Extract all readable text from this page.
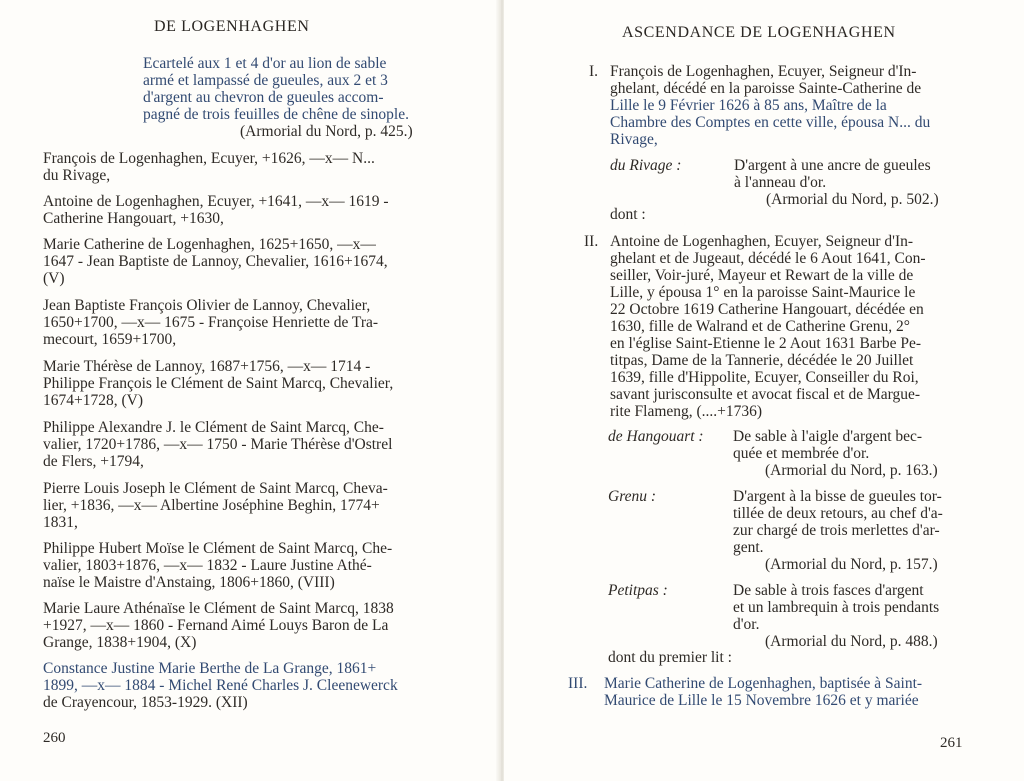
DE LOGENHAGHEN
Ecartelé aux 1 et 4 d'or au lion de sable
armé et lampassé de gueules, aux 2 et 3
d'argent au chevron de gueules accom-
pagné de trois feuilles de chêne de sinople.
(Armorial du Nord, p. 425.)
François de Logenhaghen, Ecuyer, +1626, —x— N...
du Rivage,
Antoine de Logenhaghen, Ecuyer, +1641, —x— 1619 -
Catherine Hangouart, +1630,
Marie Catherine de Logenhaghen, 1625+1650, —x—
1647 - Jean Baptiste de Lannoy, Chevalier, 1616+1674,
(V)
Jean Baptiste François Olivier de Lannoy, Chevalier,
1650+1700, —x— 1675 - Françoise Henriette de Tra-
mecourt, 1659+1700,
Marie Thérèse de Lannoy, 1687+1756, —x— 1714 -
Philippe François le Clément de Saint Marcq, Chevalier,
1674+1728, (V)
Philippe Alexandre J. le Clément de Saint Marcq, Che-
valier, 1720+1786, —x— 1750 - Marie Thérèse d'Ostrel
de Flers, +1794,
Pierre Louis Joseph le Clément de Saint Marcq, Cheva-
lier, +1836, —x— Albertine Joséphine Beghin, 1774+
1831,
Philippe Hubert Moïse le Clément de Saint Marcq, Che-
valier, 1803+1876, —x— 1832 - Laure Justine Athé-
naïse le Maistre d'Anstaing, 1806+1860, (VIII)
Marie Laure Athénaïse le Clément de Saint Marcq, 1838
+1927, —x— 1860 - Fernand Aimé Louys Baron de La
Grange, 1838+1904, (X)
Constance Justine Marie Berthe de La Grange, 1861+
1899, —x— 1884 - Michel René Charles J. Cleenewerck
de Crayencour, 1853-1929. (XII)
260
ASCENDANCE DE LOGENHAGHEN
I. François de Logenhaghen, Ecuyer, Seigneur d'In-
ghelant, décédé en la paroisse Sainte-Catherine de
Lille le 9 Février 1626 à 85 ans, Maître de la
Chambre des Comptes en cette ville, épousa N... du
Rivage,
du Rivage :	D'argent à une ancre de gueules
à l'anneau d'or.
(Armorial du Nord, p. 502.)
dont :
II. Antoine de Logenhaghen, Ecuyer, Seigneur d'In-
ghelant et de Jugeaut, décédé le 6 Aout 1641, Con-
seiller, Voir-juré, Mayeur et Rewart de la ville de
Lille, y épousa 1° en la paroisse Saint-Maurice le
22 Octobre 1619 Catherine Hangouart, décédée en
1630, fille de Walrand et de Catherine Grenu, 2°
en l'église Saint-Etienne le 2 Aout 1631 Barbe Pe-
titpas, Dame de la Tannerie, décédée le 20 Juillet
1639, fille d'Hippolite, Ecuyer, Conseiller du Roi,
savant jurisconsulte et avocat fiscal et de Margue-
rite Flameng, (....+1736)
de Hangouart : De sable à l'aigle d'argent bec-
quée et membrée d'or.
(Armorial du Nord, p. 163.)
Grenu :	D'argent à la bisse de gueules tor-
tillée de deux retours, au chef d'a-
zur chargé de trois merlettes d'ar-
gent.
(Armorial du Nord, p. 157.)
Petitpas :	De sable à trois fasces d'argent
et un lambrequin à trois pendants
d'or.
(Armorial du Nord, p. 488.)
dont du premier lit :
III. Marie Catherine de Logenhaghen, baptisée à Saint-
Maurice de Lille le 15 Novembre 1626 et y mariée
261
